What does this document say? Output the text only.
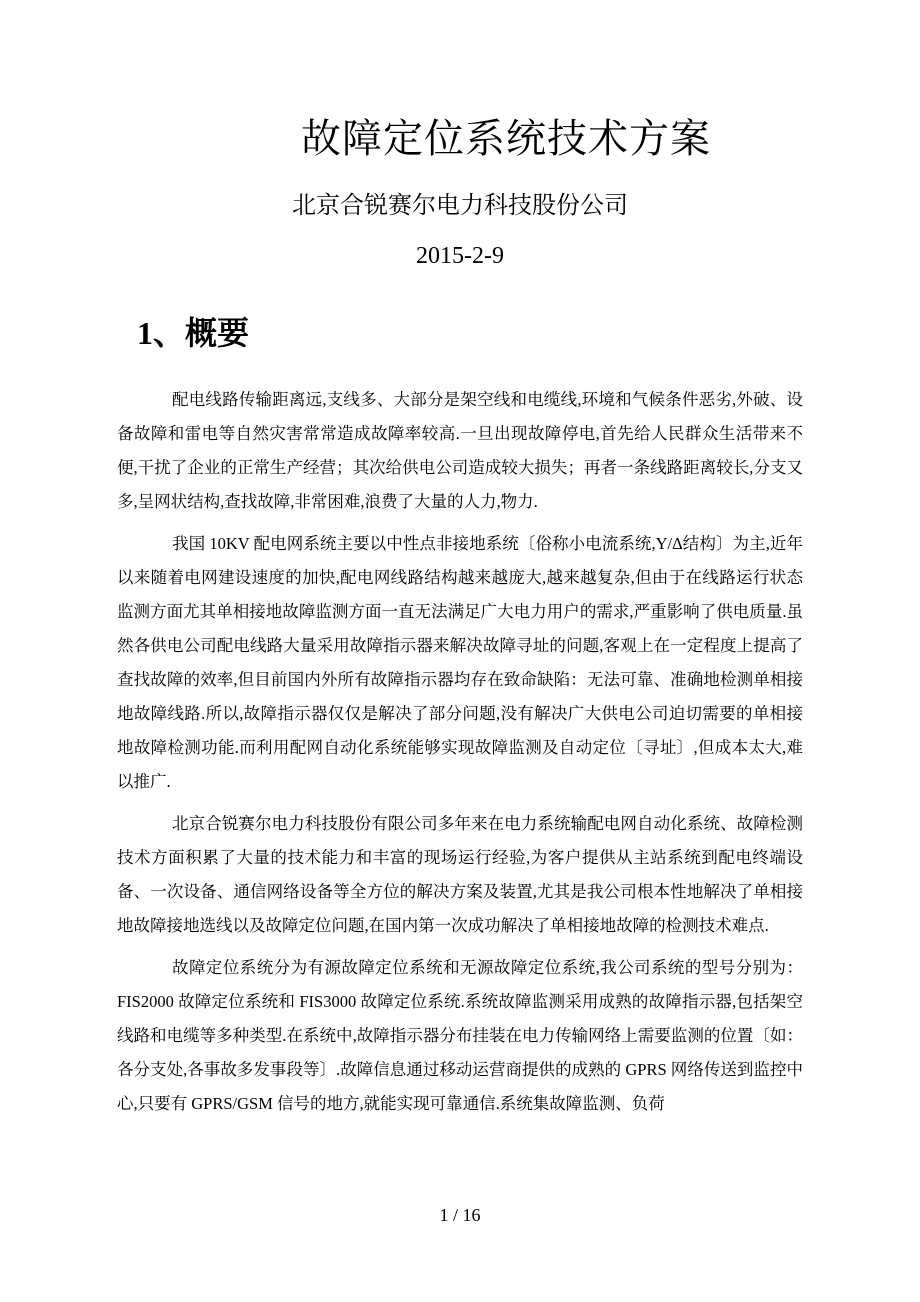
故障定位系统技术方案
北京合锐赛尔电力科技股份公司
2015-2-9
1、概要

配电线路传输距离远,支线多、大部分是架空线和电缆线,环境和气候条件恶劣,外破、设备故障和雷电等自然灾害常常造成故障率较高.一旦出现故障停电,首先给人民群众生活带来不便,干扰了企业的正常生产经营；其次给供电公司造成较大损失；再者一条线路距离较长,分支又多,呈网状结构,查找故障,非常困难,浪费了大量的人力,物力.

我国 10KV 配电网系统主要以中性点非接地系统〔俗称小电流系统,Y/Δ结构〕为主,近年以来随着电网建设速度的加快,配电网线路结构越来越庞大,越来越复杂,但由于在线路运行状态监测方面尤其单相接地故障监测方面一直无法满足广大电力用户的需求,严重影响了供电质量.虽然各供电公司配电线路大量采用故障指示器来解决故障寻址的问题,客观上在一定程度上提高了查找故障的效率,但目前国内外所有故障指示器均存在致命缺陷：无法可靠、准确地检测单相接地故障线路.所以,故障指示器仅仅是解决了部分问题,没有解决广大供电公司迫切需要的单相接地故障检测功能.而利用配网自动化系统能够实现故障监测及自动定位〔寻址〕,但成本太大,难以推广.

北京合锐赛尔电力科技股份有限公司多年来在电力系统输配电网自动化系统、故障检测技术方面积累了大量的技术能力和丰富的现场运行经验,为客户提供从主站系统到配电终端设备、一次设备、通信网络设备等全方位的解决方案及装置,尤其是我公司根本性地解决了单相接地故障接地选线以及故障定位问题,在国内第一次成功解决了单相接地故障的检测技术难点.

故障定位系统分为有源故障定位系统和无源故障定位系统,我公司系统的型号分别为：FIS2000 故障定位系统和 FIS3000 故障定位系统.系统故障监测采用成熟的故障指示器,包括架空线路和电缆等多种类型.在系统中,故障指示器分布挂装在电力传输网络上需要监测的位置〔如：各分支处,各事故多发事段等〕.故障信息通过移动运营商提供的成熟的 GPRS 网络传送到监控中心,只要有 GPRS/GSM 信号的地方,就能实现可靠通信.系统集故障监测、负荷

1 / 16
